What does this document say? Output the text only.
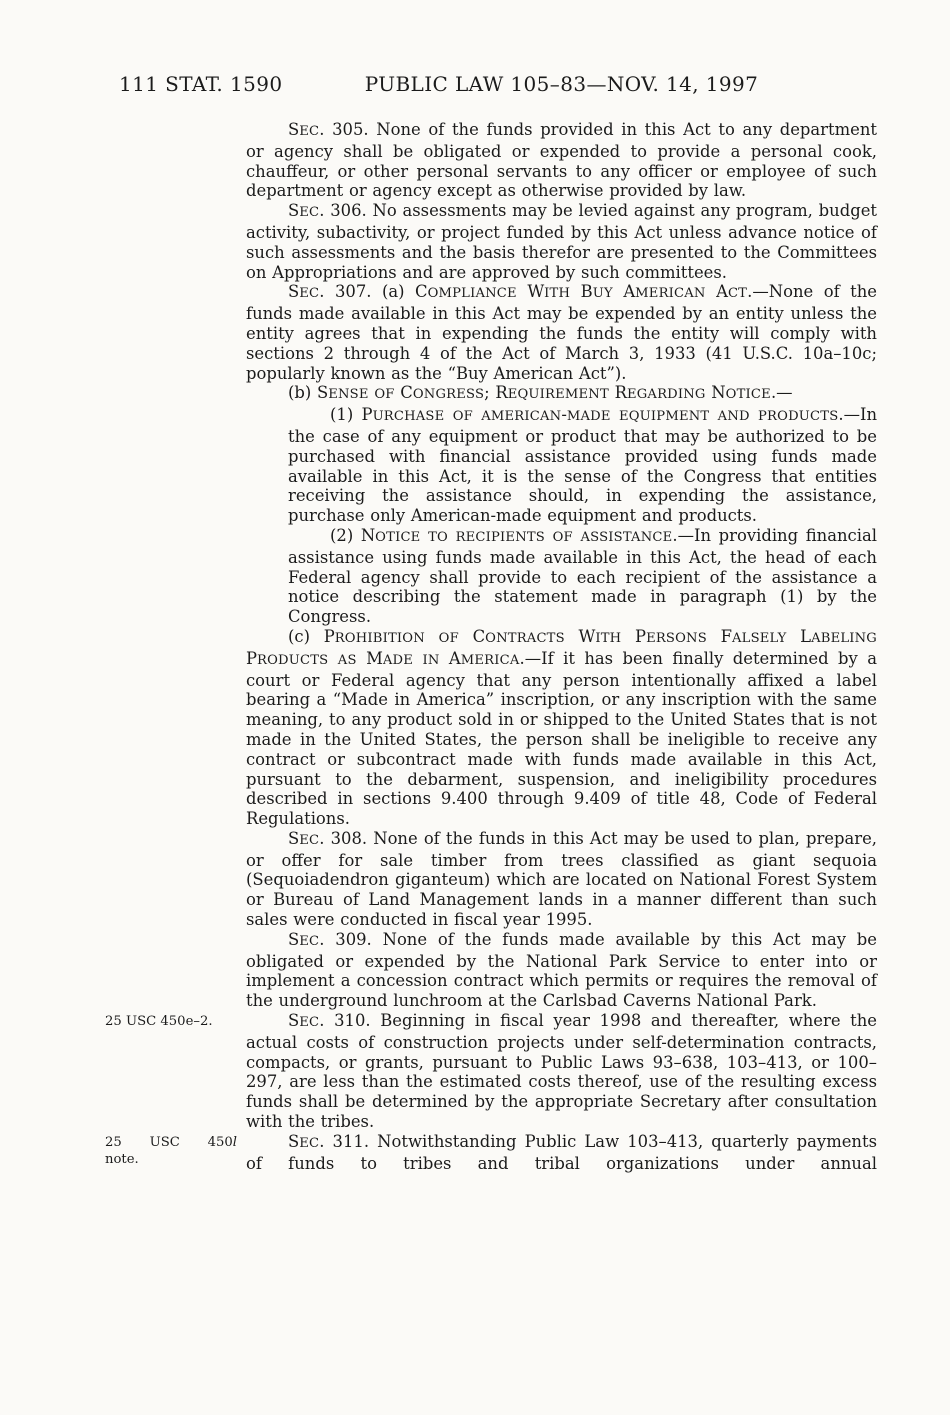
111 STAT. 1590	PUBLIC LAW 105–83—NOV. 14, 1997

SEC. 305. None of the funds provided in this Act to any department or agency shall be obligated or expended to provide a personal cook, chauffeur, or other personal servants to any officer or employee of such department or agency except as otherwise provided by law.

SEC. 306. No assessments may be levied against any program, budget activity, subactivity, or project funded by this Act unless advance notice of such assessments and the basis therefor are presented to the Committees on Appropriations and are approved by such committees.

SEC. 307. (a) COMPLIANCE WITH BUY AMERICAN ACT.—None of the funds made available in this Act may be expended by an entity unless the entity agrees that in expending the funds the entity will comply with sections 2 through 4 of the Act of March 3, 1933 (41 U.S.C. 10a–10c; popularly known as the “Buy American Act”).

(b) SENSE OF CONGRESS; REQUIREMENT REGARDING NOTICE.—

(1) PURCHASE OF AMERICAN-MADE EQUIPMENT AND PRODUCTS.—In the case of any equipment or product that may be authorized to be purchased with financial assistance provided using funds made available in this Act, it is the sense of the Congress that entities receiving the assistance should, in expending the assistance, purchase only American-made equipment and products.

(2) NOTICE TO RECIPIENTS OF ASSISTANCE.—In providing financial assistance using funds made available in this Act, the head of each Federal agency shall provide to each recipient of the assistance a notice describing the statement made in paragraph (1) by the Congress.

(c) PROHIBITION OF CONTRACTS WITH PERSONS FALSELY LABELING PRODUCTS AS MADE IN AMERICA.—If it has been finally determined by a court or Federal agency that any person intentionally affixed a label bearing a “Made in America” inscription, or any inscription with the same meaning, to any product sold in or shipped to the United States that is not made in the United States, the person shall be ineligible to receive any contract or subcontract made with funds made available in this Act, pursuant to the debarment, suspension, and ineligibility procedures described in sections 9.400 through 9.409 of title 48, Code of Federal Regulations.

SEC. 308. None of the funds in this Act may be used to plan, prepare, or offer for sale timber from trees classified as giant sequoia (Sequoiadendron giganteum) which are located on National Forest System or Bureau of Land Management lands in a manner different than such sales were conducted in fiscal year 1995.

SEC. 309. None of the funds made available by this Act may be obligated or expended by the National Park Service to enter into or implement a concession contract which permits or requires the removal of the underground lunchroom at the Carlsbad Caverns National Park.

25 USC 450e–2.	SEC. 310. Beginning in fiscal year 1998 and thereafter, where the actual costs of construction projects under self-determination contracts, compacts, or grants, pursuant to Public Laws 93–638, 103–413, or 100–297, are less than the estimated costs thereof, use of the resulting excess funds shall be determined by the appropriate Secretary after consultation with the tribes.

25 USC 450l
note.
SEC. 311. Notwithstanding Public Law 103–413, quarterly payments of funds to tribes and tribal organizations under annual
